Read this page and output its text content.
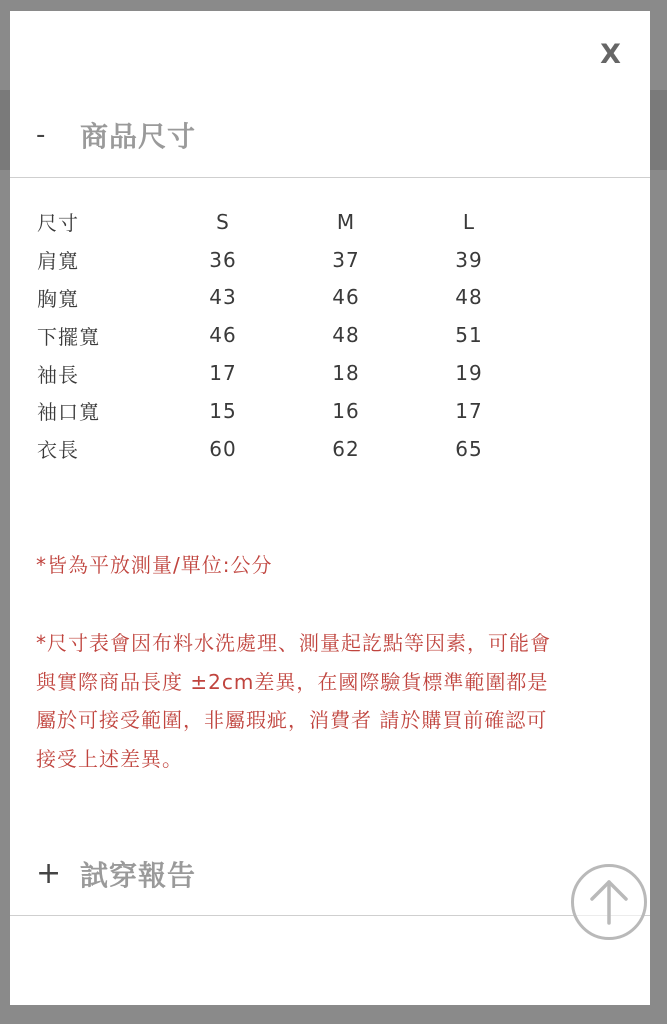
X
- 商品尺寸
尺寸	S	M	L
肩寬	36	37	39
胸寬	43	46	48
下擺寬	46	48	51
袖長	17	18	19
袖口寬	15	16	17
衣長	60	62	65

*皆為平放測量/單位:公分

*尺寸表會因布料水洗處理、測量起訖點等因素，可能會

與實際商品長度 ±2cm差異，在國際驗貨標準範圍都是

屬於可接受範圍，非屬瑕疵，消費者 請於購買前確認可

接受上述差異。

+ 試穿報告
